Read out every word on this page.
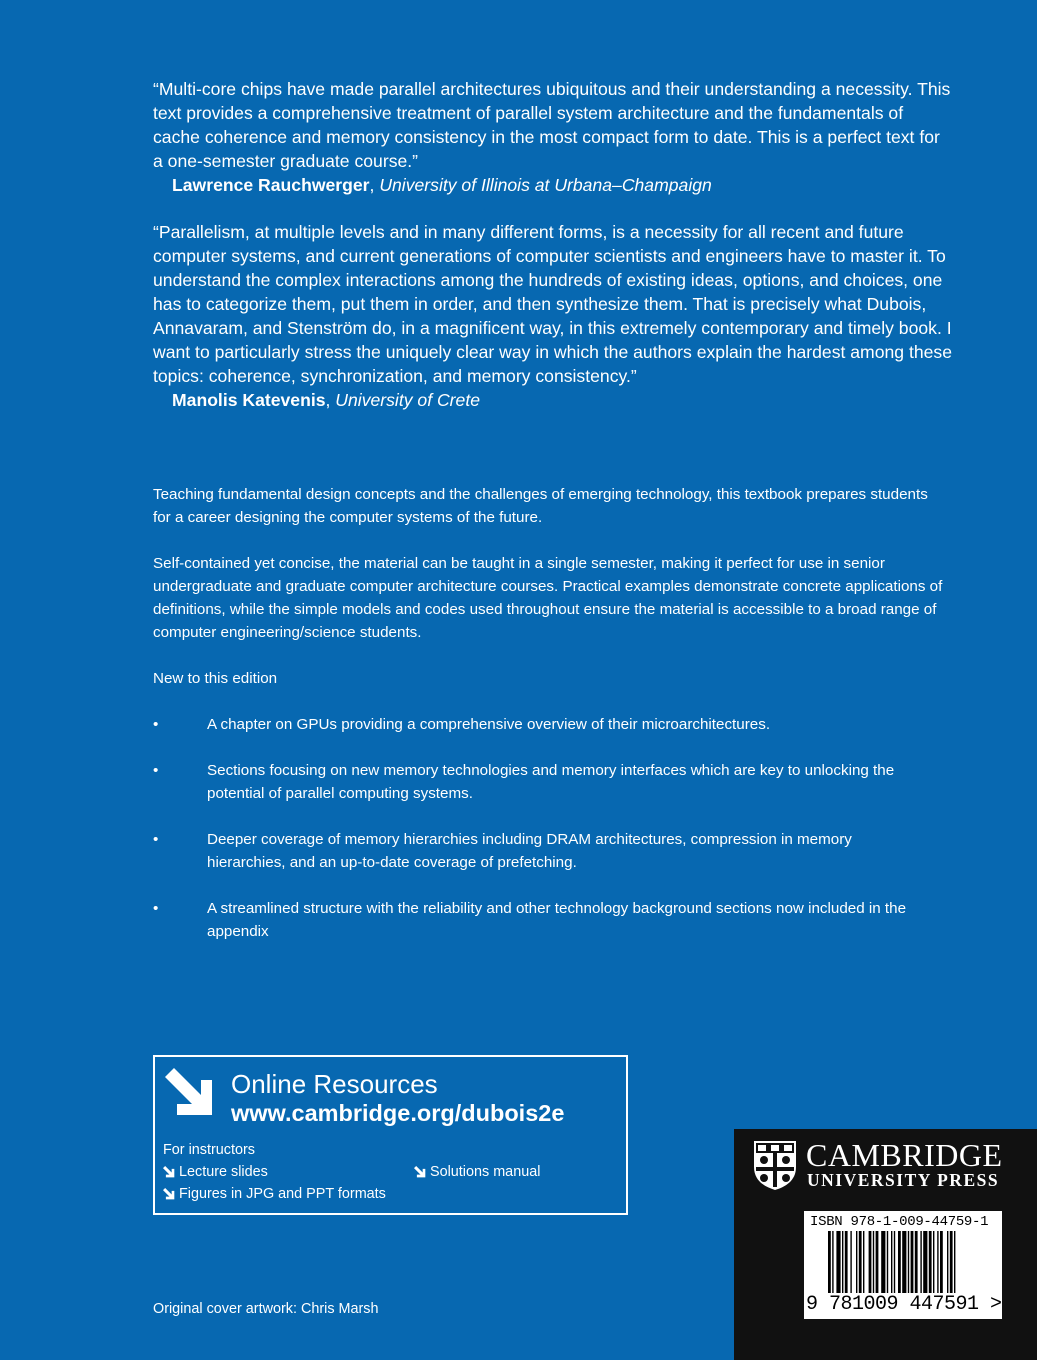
“Multi-core chips have made parallel architectures ubiquitous and their understanding a necessity. This text provides a comprehensive treatment of parallel system architecture and the fundamentals of cache coherence and memory consistency in the most compact form to date. This is a perfect text for a one-semester graduate course.”

Lawrence Rauchwerger, University of Illinois at Urbana–Champaign

“Parallelism, at multiple levels and in many different forms, is a necessity for all recent and future computer systems, and current generations of computer scientists and engineers have to master it. To understand the complex interactions among the hundreds of existing ideas, options, and choices, one has to categorize them, put them in order, and then synthesize them. That is precisely what Dubois, Annavaram, and Stenström do, in a magnificent way, in this extremely contemporary and timely book. I want to particularly stress the uniquely clear way in which the authors explain the hardest among these topics: coherence, synchronization, and memory consistency.”

Manolis Katevenis, University of Crete

Teaching fundamental design concepts and the challenges of emerging technology, this textbook prepares students for a career designing the computer systems of the future.

Self-contained yet concise, the material can be taught in a single semester, making it perfect for use in senior undergraduate and graduate computer architecture courses. Practical examples demonstrate concrete applications of definitions, while the simple models and codes used throughout ensure the material is accessible to a broad range of computer engineering/science students.

New to this edition
•	A chapter on GPUs providing a comprehensive overview of their microarchitectures.
•	Sections focusing on new memory technologies and memory interfaces which are key to unlocking the potential of parallel computing systems.
•	Deeper coverage of memory hierarchies including DRAM architectures, compression in memory hierarchies, and an up-to-date coverage of prefetching.
•	A streamlined structure with the reliability and other technology background sections now included in the appendix
Online Resources
www.cambridge.org/dubois2e
For instructors
Lecture slides
Figures in JPG and PPT formats
Solutions manual
Original cover artwork: Chris Marsh
CAMBRIDGE
UNIVERSITY PRESS
ISBN 978-1-009-44759-1
9 781009 447591 >
